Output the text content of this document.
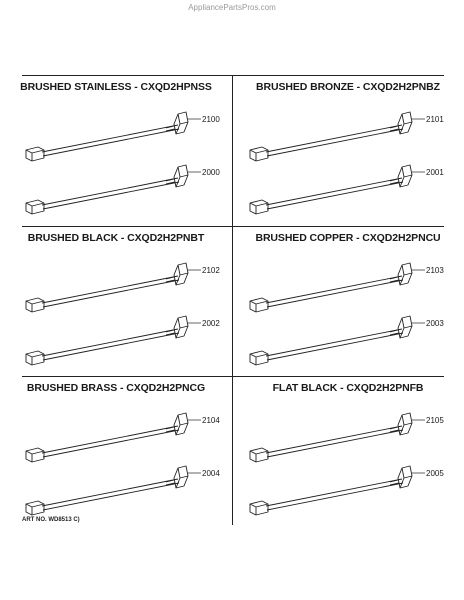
AppliancePartsPros.com
BRUSHED STAINLESS - CXQD2HPNSS
2100
2000
BRUSHED BRONZE - CXQD2H2PNBZ
2101
2001
BRUSHED BLACK - CXQD2H2PNBT
2102
2002
BRUSHED COPPER - CXQD2H2PNCU
2103
2003
BRUSHED BRASS - CXQD2H2PNCG
2104
2004
FLAT BLACK - CXQD2H2PNFB
2105
2005
ART NO. WD8513 C)
